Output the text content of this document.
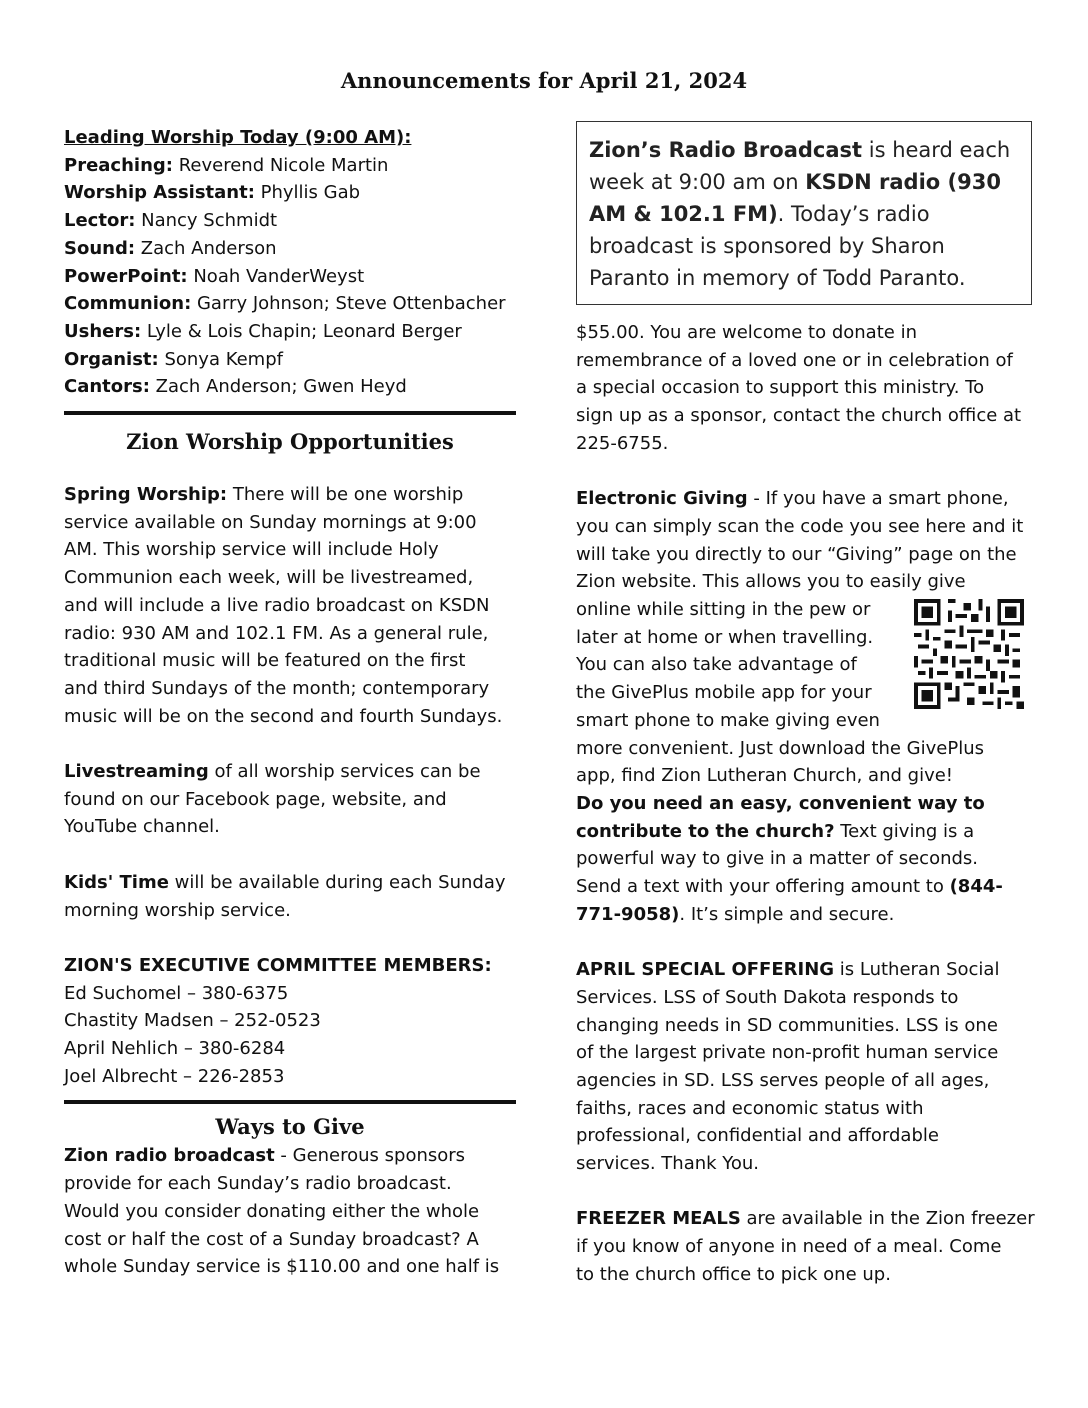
Announcements for April 21, 2024

Leading Worship Today (9:00 AM):

Preaching: Reverend Nicole Martin

Worship Assistant: Phyllis Gab

Lector: Nancy Schmidt

Sound: Zach Anderson

PowerPoint: Noah VanderWeyst

Communion: Garry Johnson; Steve Ottenbacher

Ushers: Lyle & Lois Chapin; Leonard Berger

Organist: Sonya Kempf

Cantors: Zach Anderson; Gwen Heyd

Zion Worship Opportunities

Spring Worship: There will be one worship
service available on Sunday mornings at 9:00
AM. This worship service will include Holy
Communion each week, will be livestreamed,
and will include a live radio broadcast on KSDN
radio: 930 AM and 102.1 FM. As a general rule,
traditional music will be featured on the first
and third Sundays of the month; contemporary
music will be on the second and fourth Sundays.

Livestreaming of all worship services can be
found on our Facebook page, website, and
YouTube channel.

Kids' Time will be available during each Sunday
morning worship service.

ZION'S EXECUTIVE COMMITTEE MEMBERS:

Ed Suchomel – 380-6375

Chastity Madsen – 252-0523

April Nehlich – 380-6284

Joel Albrecht – 226-2853

Ways to Give

Zion radio broadcast - Generous sponsors
provide for each Sunday’s radio broadcast.
Would you consider donating either the whole
cost or half the cost of a Sunday broadcast? A
whole Sunday service is $110.00 and one half is

Zion’s Radio Broadcast is heard each week at 9:00 am on KSDN radio (930 AM & 102.1 FM). Today’s radio broadcast is sponsored by Sharon Paranto in memory of Todd Paranto.

$55.00. You are welcome to donate in
remembrance of a loved one or in celebration of
a special occasion to support this ministry. To
sign up as a sponsor, contact the church office at
225-6755.

Electronic Giving - If you have a smart phone,
you can simply scan the code you see here and it
will take you directly to our “Giving” page on the
Zion website. This allows you to easily give

online while sitting in the pew or
later at home or when travelling.
You can also take advantage of
the GivePlus mobile app for your
smart phone to make giving even

more convenient. Just download the GivePlus
app, find Zion Lutheran Church, and give!
Do you need an easy, convenient way to
contribute to the church? Text giving is a
powerful way to give in a matter of seconds.
Send a text with your offering amount to (844-
771-9058). It’s simple and secure.

APRIL SPECIAL OFFERING is Lutheran Social
Services. LSS of South Dakota responds to
changing needs in SD communities. LSS is one
of the largest private non-profit human service
agencies in SD. LSS serves people of all ages,
faiths, races and economic status with
professional, confidential and affordable
services. Thank You.

FREEZER MEALS are available in the Zion freezer
if you know of anyone in need of a meal. Come
to the church office to pick one up.
